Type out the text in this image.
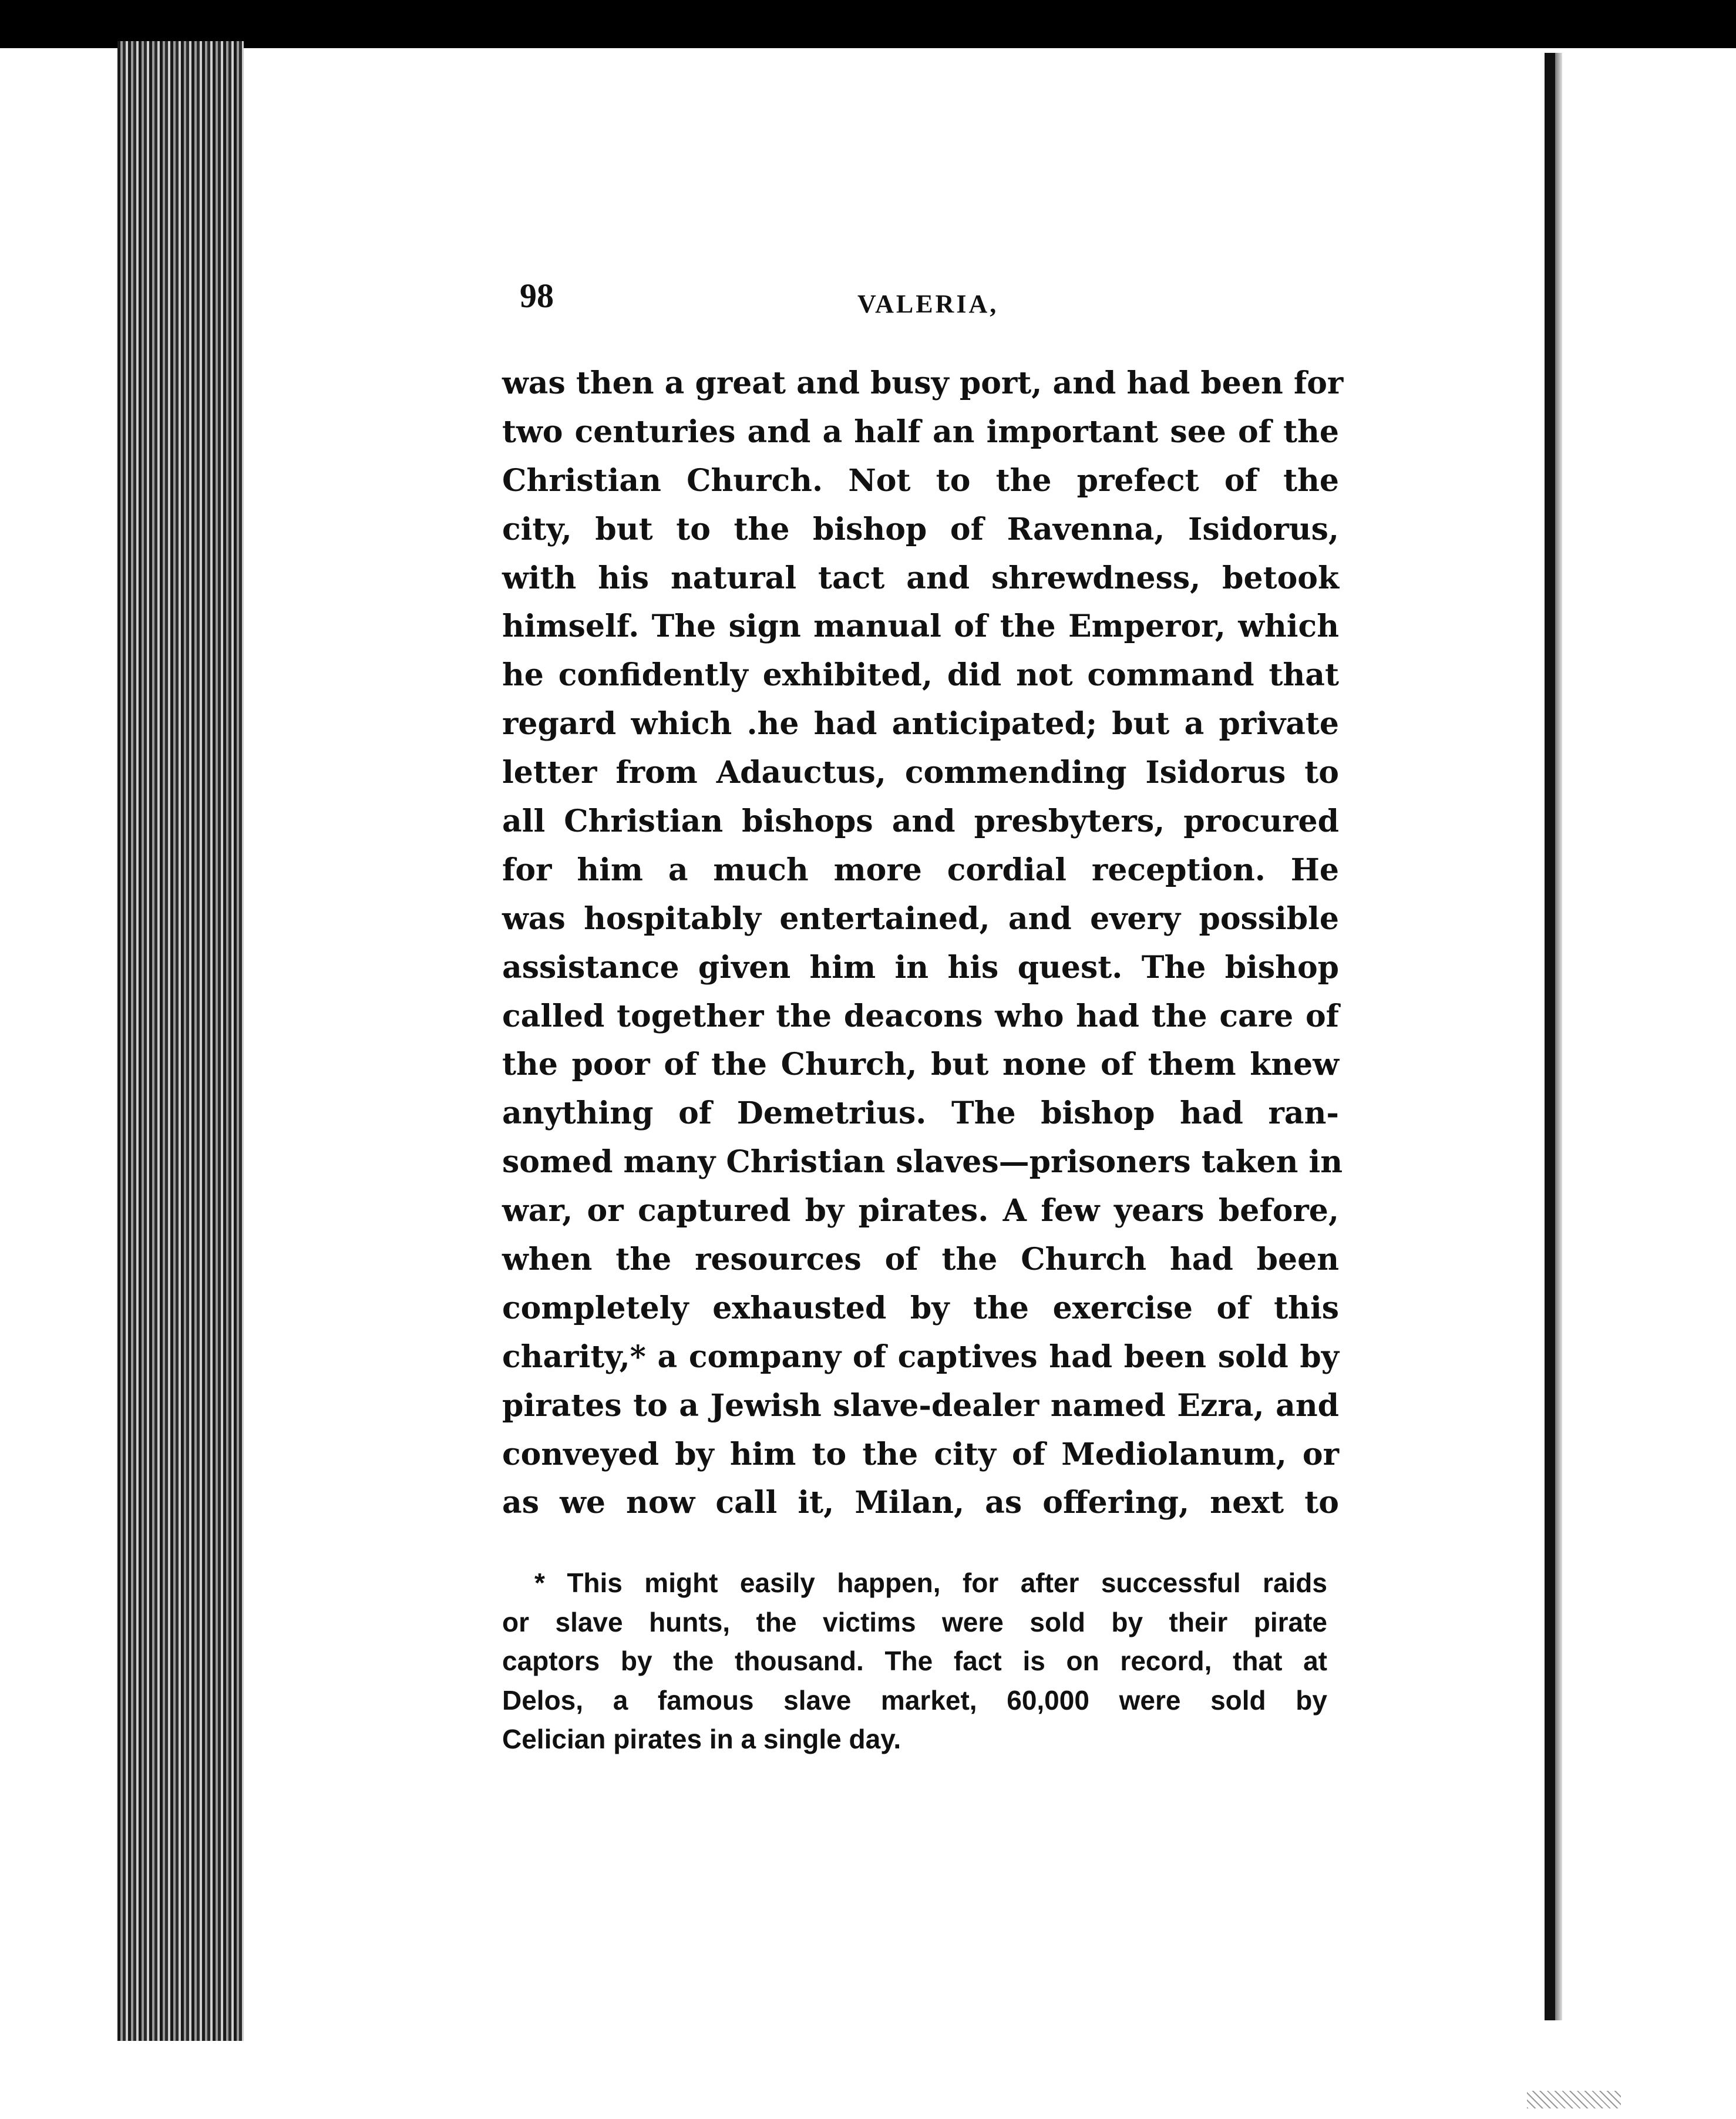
98	VALERIA,
was then a great and busy port, and had been for
two centuries and a half an important see of the
Christian Church. Not to the prefect of the
city, but to the bishop of Ravenna, Isidorus,
with his natural tact and shrewdness, betook
himself. The sign manual of the Emperor, which
he confidently exhibited, did not command that
regard which .he had anticipated; but a private
letter from Adauctus, commending Isidorus to
all Christian bishops and presbyters, procured
for him a much more cordial reception. He
was hospitably entertained, and every possible
assistance given him in his quest. The bishop
called together the deacons who had the care of
the poor of the Church, but none of them knew
anything of Demetrius. The bishop had ran-
somed many Christian slaves—prisoners taken in
war, or captured by pirates. A few years before,
when the resources of the Church had been
completely exhausted by the exercise of this
charity,* a company of captives had been sold by
pirates to a Jewish slave-dealer named Ezra, and
conveyed by him to the city of Mediolanum, or
as we now call it, Milan, as offering, next to
* This might easily happen, for after successful raids
or slave hunts, the victims were sold by their pirate
captors by the thousand. The fact is on record, that at
Delos, a famous slave market, 60,000 were sold by
Celician pirates in a single day.
